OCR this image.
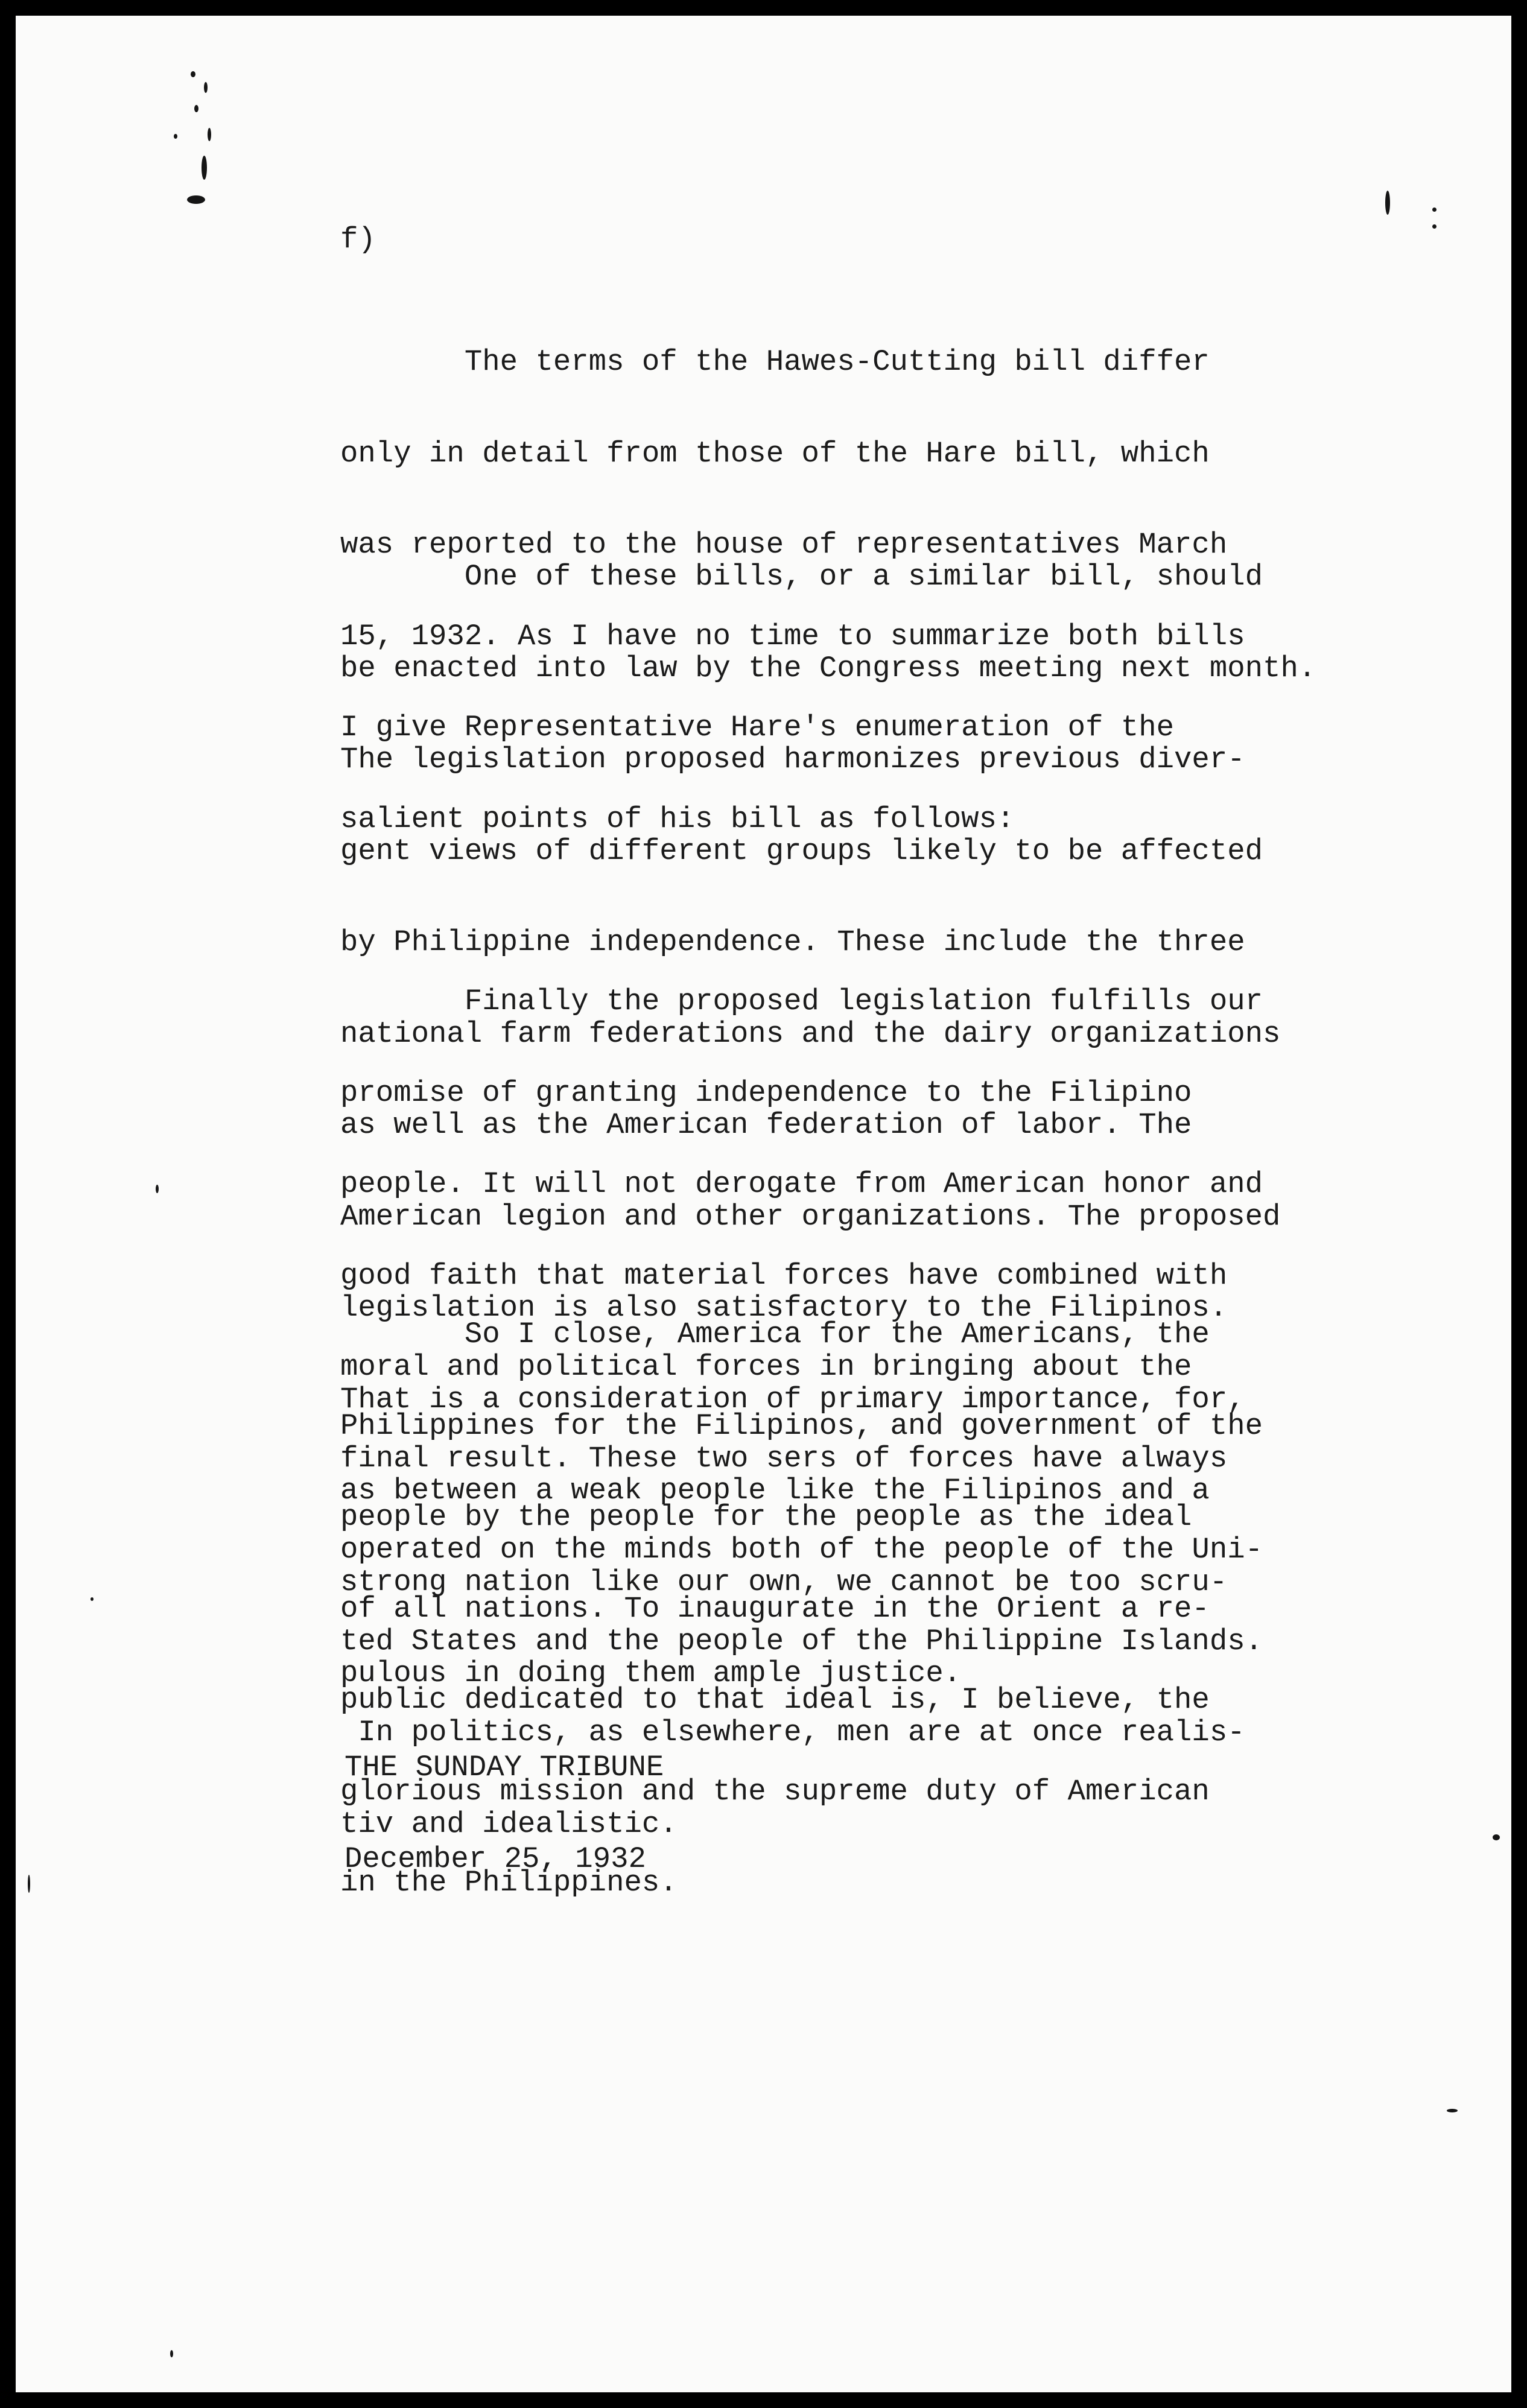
f)

The terms of the Hawes-Cutting bill differ

only in detail from those of the Hare bill, which

was reported to the house of representatives March

15, 1932. As I have no time to summarize both bills

I give Representative Hare's enumeration of the

salient points of his bill as follows:

One of these bills, or a similar bill, should

be enacted into law by the Congress meeting next month.

The legislation proposed harmonizes previous diver-

gent views of different groups likely to be affected

by Philippine independence. These include the three

national farm federations and the dairy organizations

as well as the American federation of labor. The

American legion and other organizations. The proposed

legislation is also satisfactory to the Filipinos.

That is a consideration of primary importance, for,

as between a weak people like the Filipinos and a

strong nation like our own, we cannot be too scru-

pulous in doing them ample justice.

Finally the proposed legislation fulfills our

promise of granting independence to the Filipino

people. It will not derogate from American honor and

good faith that material forces have combined with

moral and political forces in bringing about the

final result. These two sers of forces have always

operated on the minds both of the people of the Uni-

ted States and the people of the Philippine Islands.

In politics, as elsewhere, men are at once realis-

tiv and idealistic.

So I close, America for the Americans, the

Philippines for the Filipinos, and government of the

people by the people for the people as the ideal

of all nations. To inaugurate in the Orient a re-

public dedicated to that ideal is, I believe, the

glorious mission and the supreme duty of American

in the Philippines.

THE SUNDAY TRIBUNE

December 25, 1932
